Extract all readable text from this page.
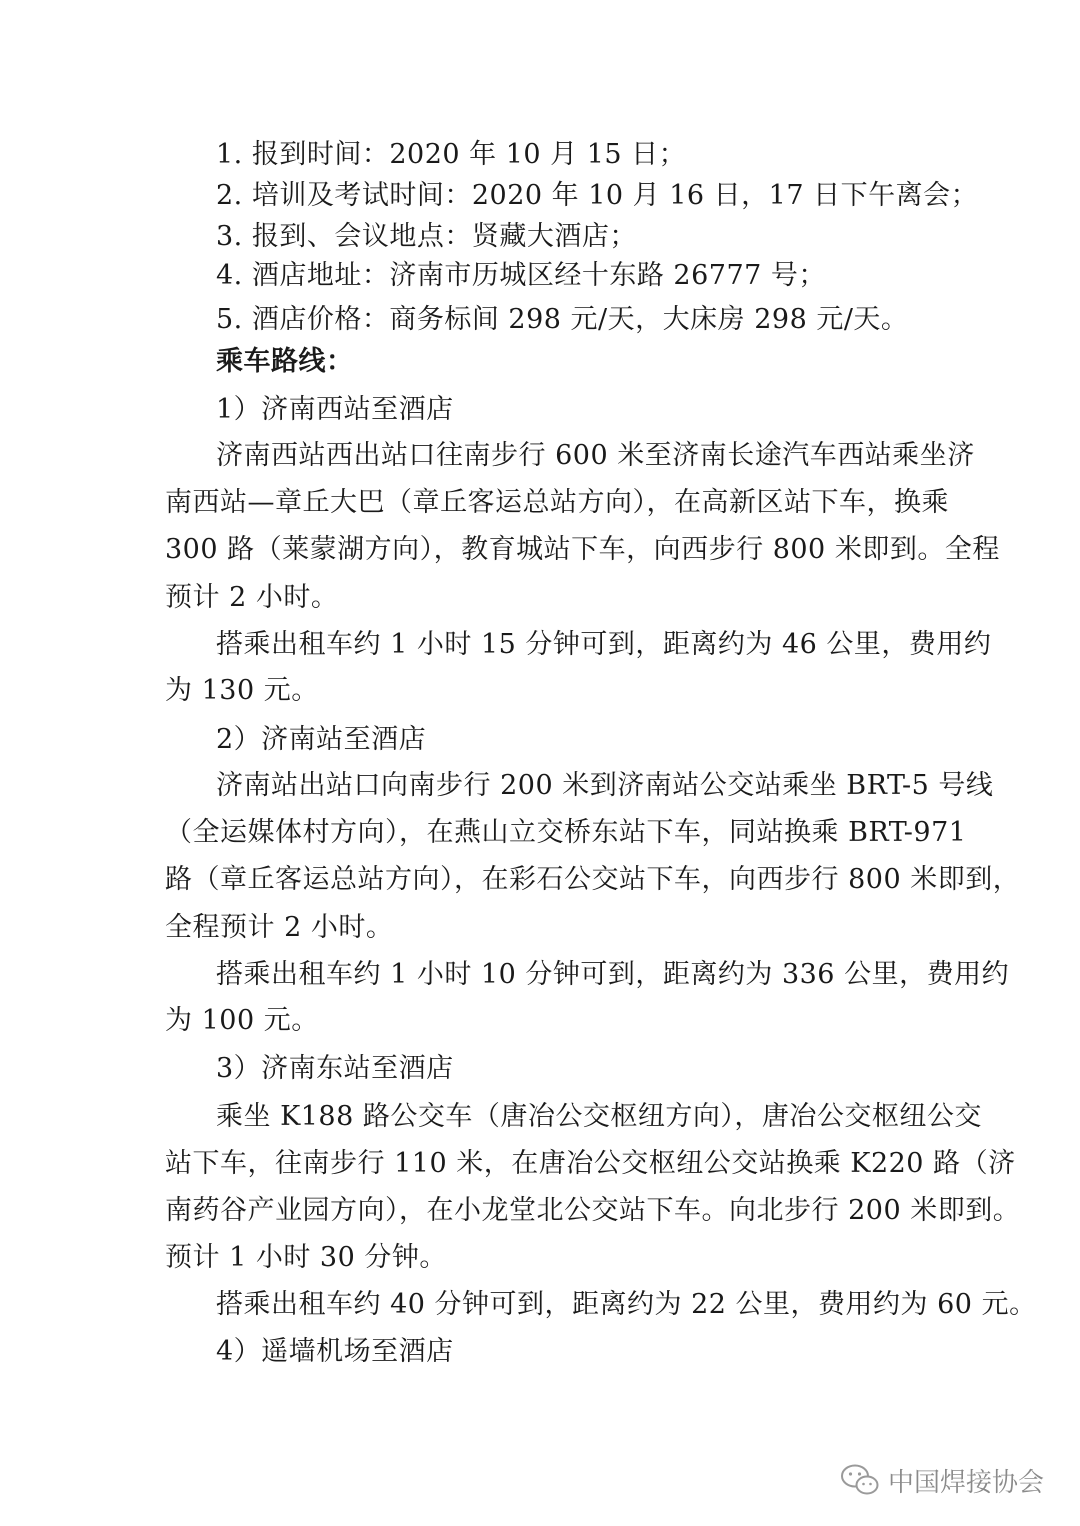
1. 报到时间：2020 年 10 月 15 日；
2. 培训及考试时间：2020 年 10 月 16 日，17 日下午离会；
3. 报到、会议地点：贤藏大酒店；
4. 酒店地址：济南市历城区经十东路 26777 号；
5. 酒店价格：商务标间 298 元/天，大床房 298 元/天。
乘车路线：
1）济南西站至酒店
济南西站西出站口往南步行 600 米至济南长途汽车西站乘坐济
南西站—章丘大巴（章丘客运总站方向），在高新区站下车，换乘
300 路（莱蒙湖方向），教育城站下车，向西步行 800 米即到。全程
预计 2 小时。
搭乘出租车约 1 小时 15 分钟可到，距离约为 46 公里，费用约
为 130 元。
2）济南站至酒店
济南站出站口向南步行 200 米到济南站公交站乘坐 BRT-5 号线
（全运媒体村方向），在燕山立交桥东站下车，同站换乘 BRT-971
路（章丘客运总站方向），在彩石公交站下车，向西步行 800 米即到，
全程预计 2 小时。
搭乘出租车约 1 小时 10 分钟可到，距离约为 336 公里，费用约
为 100 元。
3）济南东站至酒店
乘坐 K188 路公交车（唐冶公交枢纽方向），唐冶公交枢纽公交
站下车，往南步行 110 米，在唐冶公交枢纽公交站换乘 K220 路（济
南药谷产业园方向），在小龙堂北公交站下车。向北步行 200 米即到。
预计 1 小时 30 分钟。
搭乘出租车约 40 分钟可到，距离约为 22 公里，费用约为 60 元。
4）遥墙机场至酒店
中国焊接协会
